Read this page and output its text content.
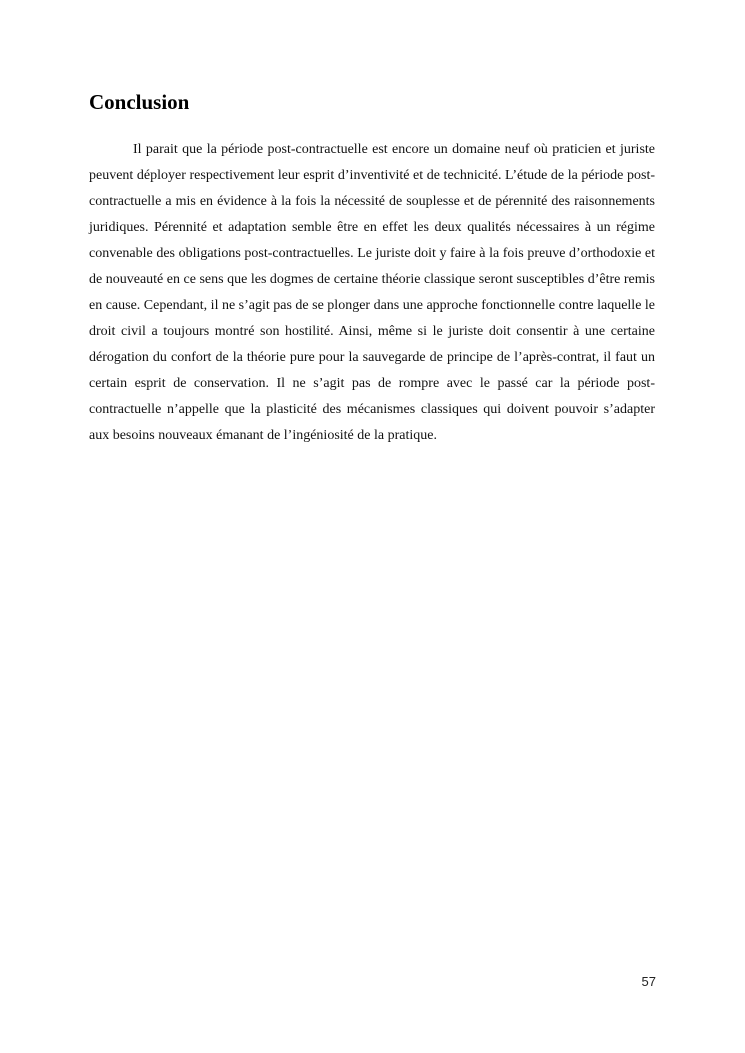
Conclusion

Il parait que la période post-contractuelle est encore un domaine neuf où praticien et juriste peuvent déployer respectivement leur esprit d’inventivité et de technicité. L’étude de la période post-contractuelle a mis en évidence à la fois la nécessité de souplesse et de pérennité des raisonnements juridiques. Pérennité et adaptation semble être en effet les deux qualités nécessaires à un régime convenable des obligations post-contractuelles. Le juriste doit y faire à la fois preuve d’orthodoxie et de nouveauté en ce sens que les dogmes de certaine théorie classique seront susceptibles d’être remis en cause. Cependant, il ne s’agit pas de se plonger dans une approche fonctionnelle contre laquelle le droit civil a toujours montré son hostilité. Ainsi, même si le juriste doit consentir à une certaine dérogation du confort de la théorie pure pour la sauvegarde de principe de l’après-contrat, il faut un certain esprit de conservation. Il ne s’agit pas de rompre avec le passé car la période post-contractuelle n’appelle que la plasticité des mécanismes classiques qui doivent pouvoir s’adapter aux besoins nouveaux émanant de l’ingéniosité de la pratique.

57
